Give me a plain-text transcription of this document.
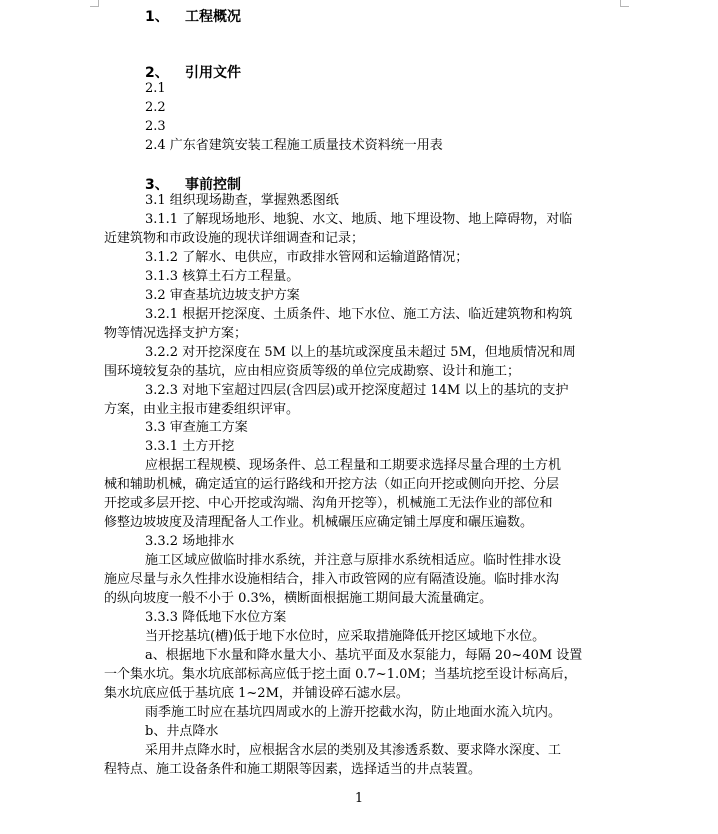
1、 工程概况
2、 引用文件
2.1
2.2
2.3
2.4 广东省建筑安装工程施工质量技术资料统一用表
3、 事前控制
3.1 组织现场勘查，掌握熟悉图纸
3.1.1 了解现场地形、地貌、水文、地质、地下埋设物、地上障碍物，对临
近建筑物和市政设施的现状详细调查和记录；
3.1.2 了解水、电供应，市政排水管网和运输道路情况；
3.1.3 核算土石方工程量。
3.2 审查基坑边坡支护方案
3.2.1 根据开挖深度、土质条件、地下水位、施工方法、临近建筑物和构筑
物等情况选择支护方案；
3.2.2 对开挖深度在 5M 以上的基坑或深度虽未超过 5M，但地质情况和周
围环境较复杂的基坑，应由相应资质等级的单位完成勘察、设计和施工；
3.2.3 对地下室超过四层(含四层)或开挖深度超过 14M 以上的基坑的支护
方案，由业主报市建委组织评审。
3.3 审查施工方案
3.3.1 土方开挖
应根据工程规模、现场条件、总工程量和工期要求选择尽量合理的土方机
械和辅助机械，确定适宜的运行路线和开挖方法（如正向开挖或侧向开挖、分层
开挖或多层开挖、中心开挖或沟端、沟角开挖等），机械施工无法作业的部位和
修整边坡坡度及清理配备人工作业。机械碾压应确定铺土厚度和碾压遍数。
3.3.2 场地排水
施工区域应做临时排水系统，并注意与原排水系统相适应。临时性排水设
施应尽量与永久性排水设施相结合，排入市政管网的应有隔渣设施。临时排水沟
的纵向坡度一般不小于 0.3%，横断面根据施工期间最大流量确定。
3.3.3 降低地下水位方案
当开挖基坑(槽)低于地下水位时，应采取措施降低开挖区域地下水位。
a、根据地下水量和降水量大小、基坑平面及水泵能力，每隔 20~40M 设置
一个集水坑。集水坑底部标高应低于挖土面 0.7~1.0M；当基坑挖至设计标高后，
集水坑底应低于基坑底 1~2M，并铺设碎石滤水层。
雨季施工时应在基坑四周或水的上游开挖截水沟，防止地面水流入坑内。
b、井点降水
采用井点降水时，应根据含水层的类别及其渗透系数、要求降水深度、工
程特点、施工设备条件和施工期限等因素，选择适当的井点装置。
1
